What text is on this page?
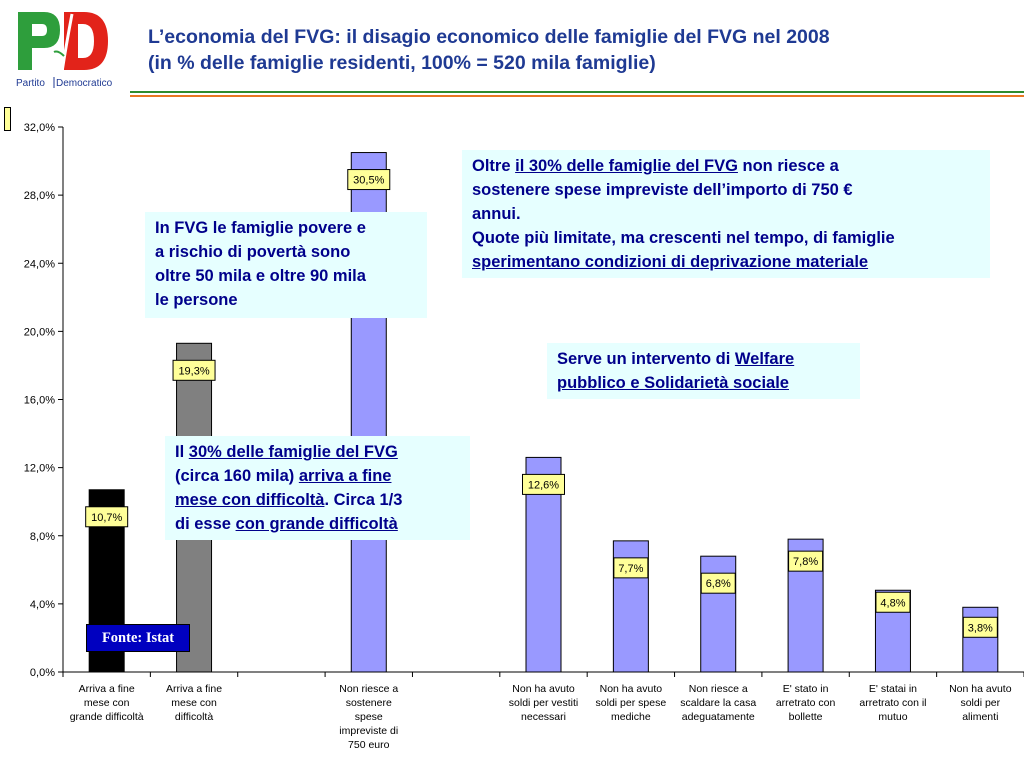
Partito Democratico
L’economia del FVG: il disagio economico delle famiglie del FVG nel 2008
(in % delle famiglie residenti, 100% = 520 mila famiglie)
0,0%
4,0%
8,0%
12,0%
16,0%
20,0%
24,0%
28,0%
32,0%
10,7%
Arriva a fine
mese con
grande difficoltà
19,3%
Arriva a fine
mese con
difficoltà
30,5%
Non riesce a
sostenere
spese
impreviste di
750 euro
12,6%
Non ha avuto
soldi per vestiti
necessari
7,7%
Non ha avuto
soldi per spese
mediche
6,8%
Non riesce a
scaldare la casa
adeguatamente
7,8%
E' stato in
arretrato con
bollette
4,8%
E' statai in
arretrato con il
mutuo
3,8%
Non ha avuto
soldi per
alimenti
In FVG le famiglie povere e
a rischio di povertà sono
oltre 50 mila e oltre 90 mila
le persone
Oltre il 30% delle famiglie del FVG non riesce a
sostenere spese impreviste dell’importo di 750 €
annui.
Quote più limitate, ma crescenti nel tempo, di famiglie
sperimentano condizioni di deprivazione materiale
Serve un intervento di Welfare
pubblico e Solidarietà sociale
Il 30% delle famiglie del FVG
(circa 160 mila) arriva a fine
mese con difficoltà. Circa 1/3
di esse con grande difficoltà
Fonte: Istat
